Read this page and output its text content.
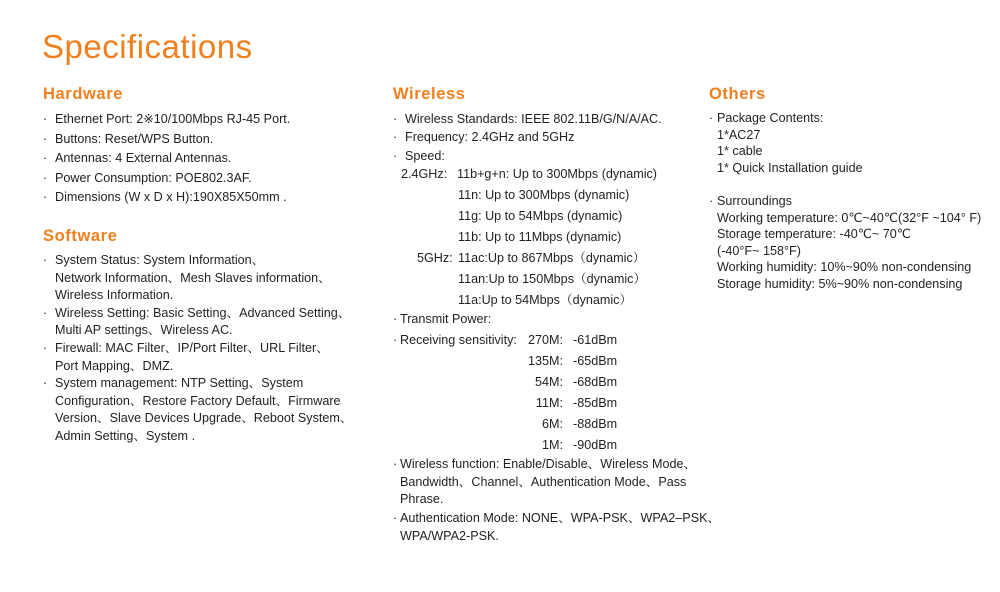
Specifications
Hardware
· Ethernet Port: 2※10/100Mbps RJ-45 Port.
· Buttons: Reset/WPS Button.
· Antennas: 4 External Antennas.
· Power Consumption: POE802.3AF.
· Dimensions (W x D x H):190X85X50mm .
Software
· System Status: System Information、
Network Information、Mesh Slaves information、
Wireless Information.
· Wireless Setting: Basic Setting、Advanced Setting、
Multi AP settings、Wireless AC.
· Firewall: MAC Filter、IP/Port Filter、URL Filter、
Port Mapping、DMZ.
· System management: NTP Setting、System
Configuration、Restore Factory Default、Firmware
Version、Slave Devices Upgrade、Reboot System、
Admin Setting、System .
Wireless
· Wireless Standards: IEEE 802.11B/G/N/A/AC.
· Frequency: 2.4GHz and 5GHz
· Speed:
2.4GHz: 11b+g+n: Up to 300Mbps (dynamic)
11n: Up to 300Mbps (dynamic)
11g: Up to 54Mbps (dynamic)
11b: Up to 11Mbps (dynamic)
5GHz: 11ac:Up to 867Mbps（dynamic）
11an:Up to 150Mbps（dynamic）
11a:Up to 54Mbps（dynamic）
· Transmit Power:
· Receiving sensitivity: 270M: -61dBm
135M: -65dBm
54M: -68dBm
11M: -85dBm
6M: -88dBm
1M: -90dBm
· Wireless function: Enable/Disable、Wireless Mode、
Bandwidth、Channel、Authentication Mode、Pass
Phrase.
· Authentication Mode: NONE、WPA-PSK、WPA2–PSK、
WPA/WPA2-PSK.
Others
· Package Contents:
1*AC27
1* cable
1* Quick Installation guide
· Surroundings
Working temperature: 0℃~40℃(32°F ~104° F)
Storage temperature: -40℃~ 70℃
(-40°F~ 158°F)
Working humidity: 10%~90% non-condensing
Storage humidity: 5%~90% non-condensing
